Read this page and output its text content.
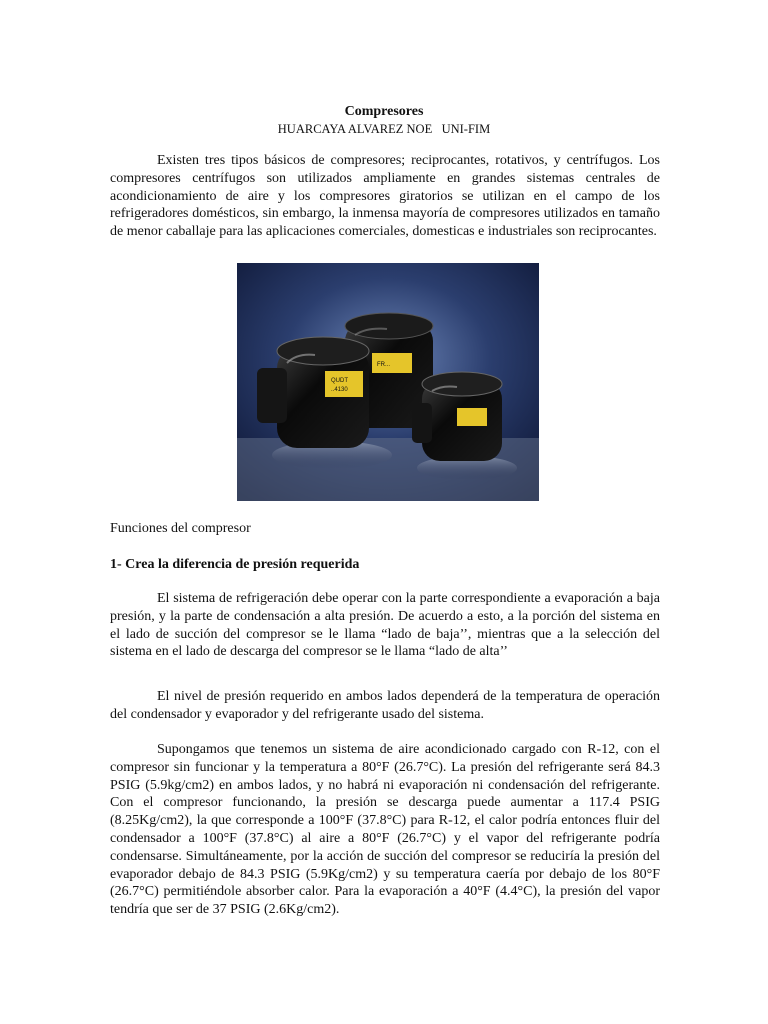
Compresores
HUARCAYA ALVAREZ NOE   UNI-FIM

Existen tres tipos básicos de compresores; reciprocantes, rotativos, y centrífugos. Los compresores centrífugos son utilizados ampliamente en grandes sistemas centrales de acondicionamiento de aire y los compresores giratorios se utilizan en el campo de los refrigeradores domésticos, sin embargo, la inmensa mayoría de compresores utilizados en tamaño de menor caballaje para las aplicaciones comerciales, domesticas e industriales son reciprocantes.

FR...
QUDT
..4130
Funciones del compresor
1- Crea la diferencia de presión requerida

El sistema de refrigeración debe operar con la parte correspondiente a evaporación a baja presión, y la parte de condensación a alta presión. De acuerdo a esto, a la porción del sistema en el lado de succión del compresor se le llama “lado de baja’’, mientras que a la selección del sistema en el lado de descarga del compresor se le llama “lado de alta’’

El nivel de presión requerido en ambos lados dependerá de la temperatura de operación del condensador y evaporador y del refrigerante usado del sistema.

Supongamos que tenemos un sistema de aire acondicionado cargado con R-12, con el compresor sin funcionar y la temperatura a 80°F (26.7°C). La presión del refrigerante será 84.3 PSIG (5.9kg/cm2) en ambos lados, y no habrá ni evaporación ni condensación del refrigerante. Con el compresor funcionando, la presión se descarga puede aumentar a 117.4 PSIG (8.25Kg/cm2), la que corresponde a 100°F (37.8°C) para R-12, el calor podría entonces fluir del condensador a 100°F (37.8°C) al aire a 80°F (26.7°C) y el vapor del refrigerante podría condensarse. Simultáneamente, por la acción de succión del compresor se reduciría la presión del evaporador debajo de 84.3 PSIG (5.9Kg/cm2) y su temperatura caería por debajo de los 80°F (26.7°C) permitiéndole absorber calor. Para la evaporación a 40°F (4.4°C), la presión del vapor tendría que ser de 37 PSIG (2.6Kg/cm2).
